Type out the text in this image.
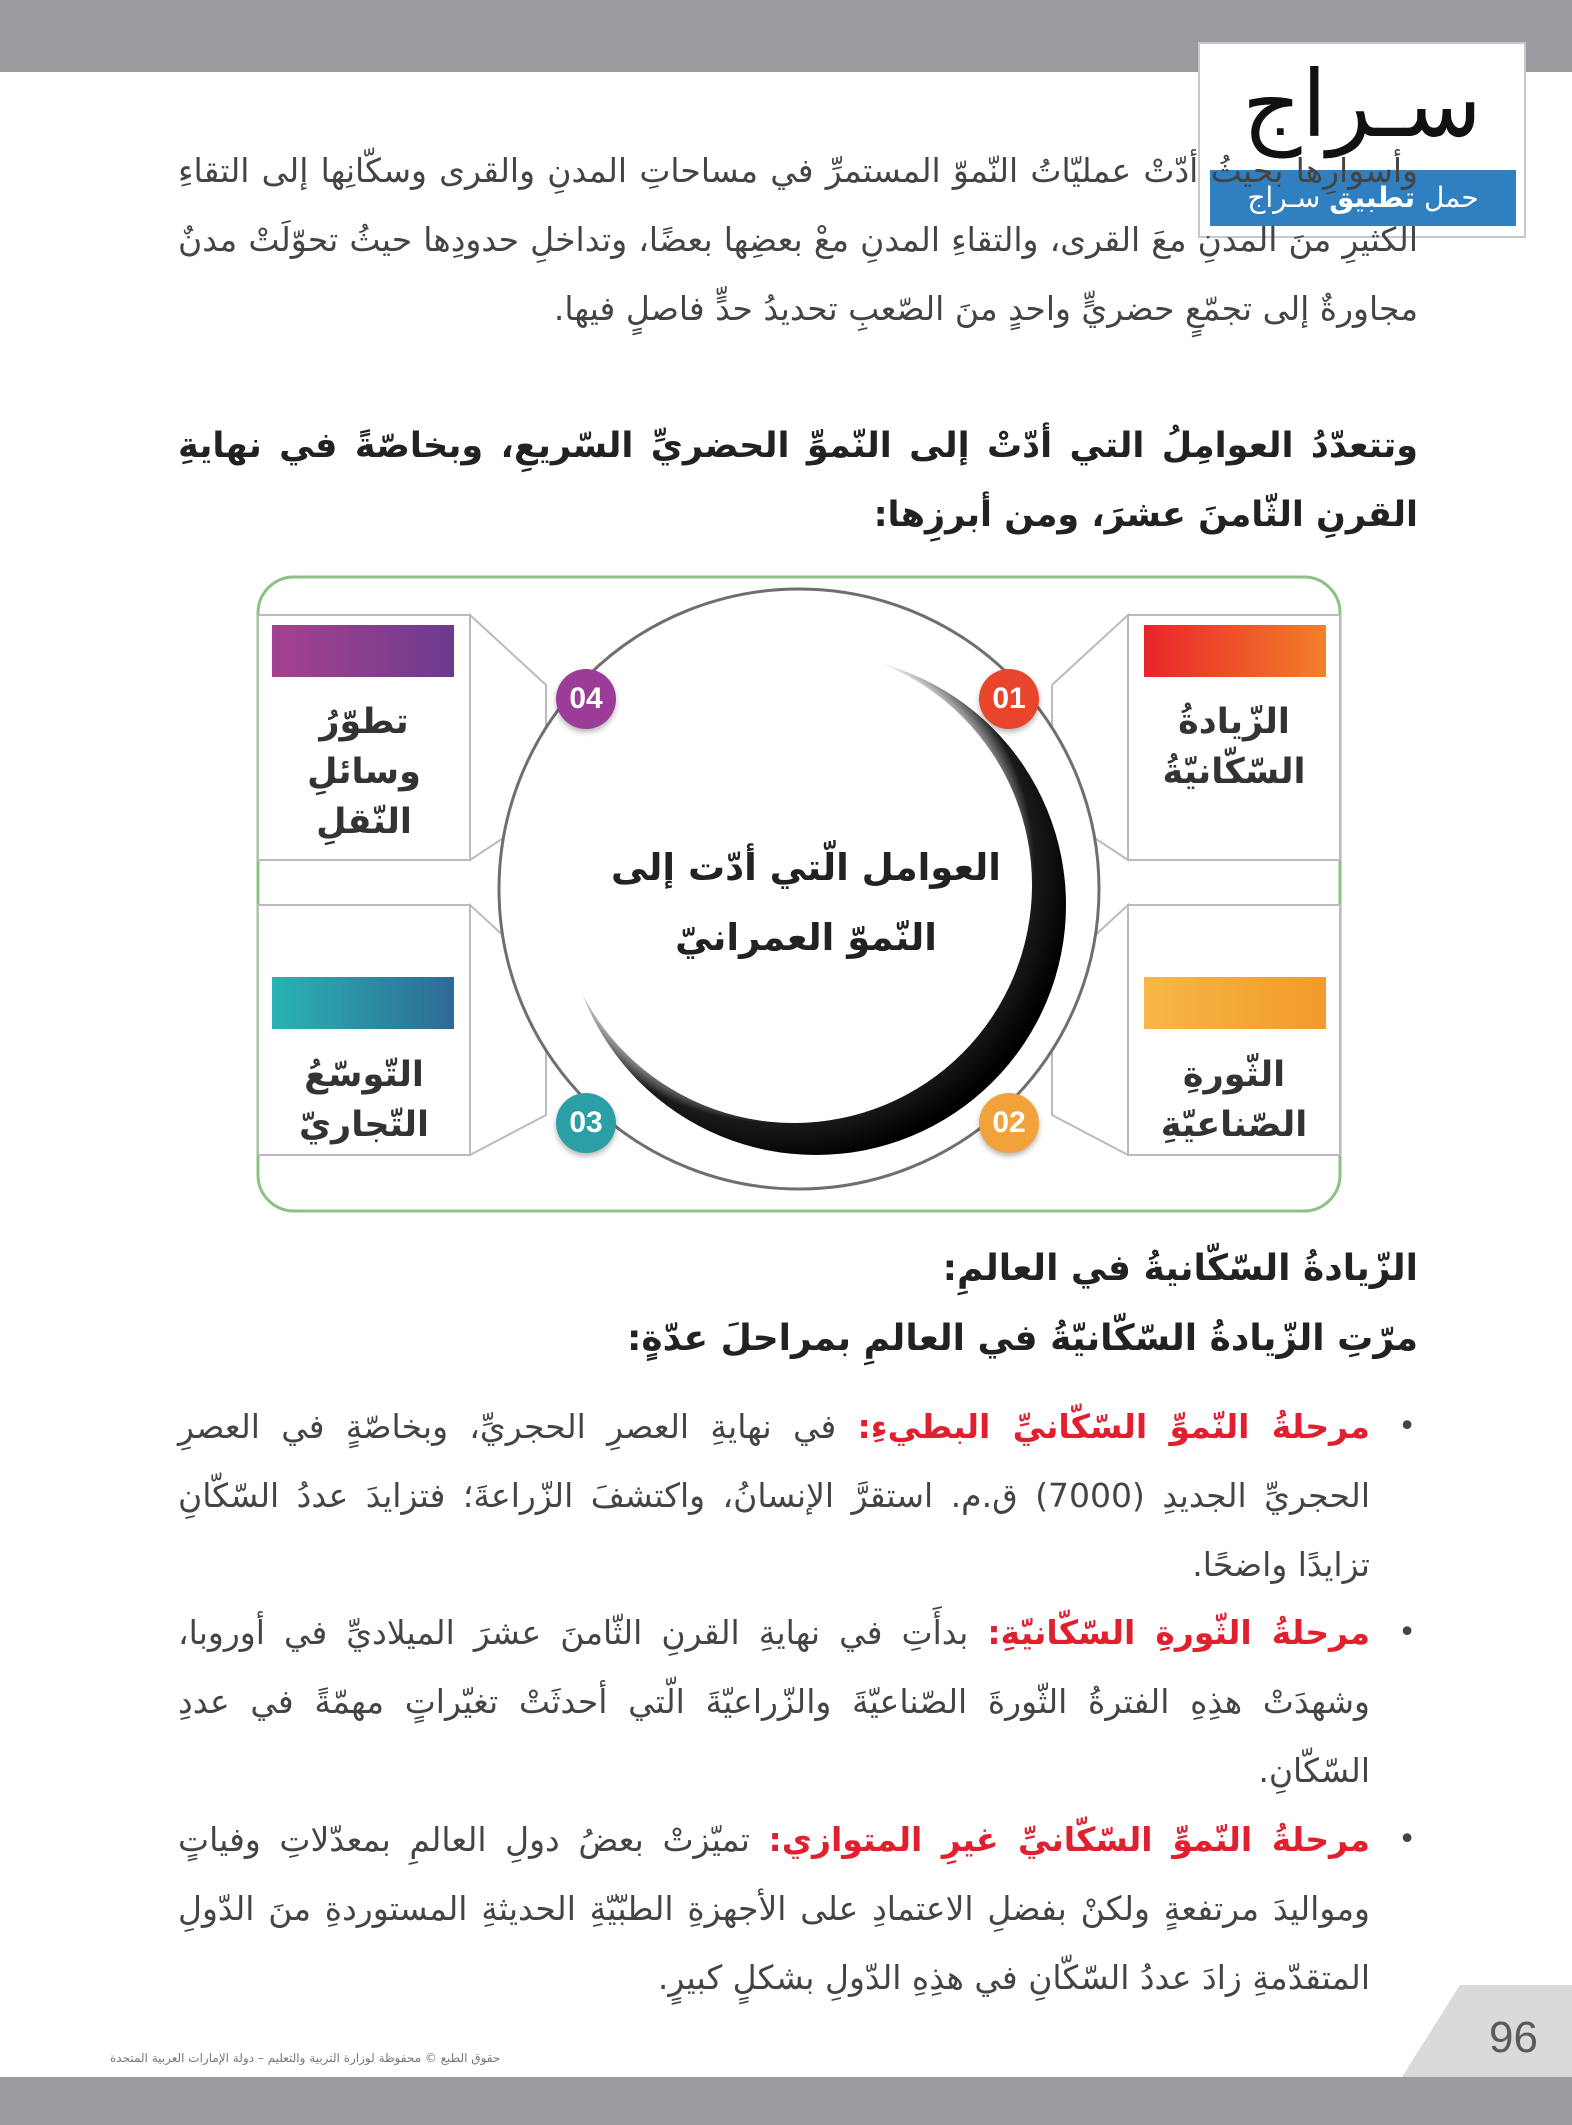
سـراج
حمل تطبيق سـراج
وأسوارِها بحيثُ أدّتْ عمليّاتُ النّموّ المستمرِّ في مساحاتِ المدنِ والقرى وسكّانِها إلى التقاءِ الكثيرِ منَ المدنِ معَ القرى، والتقاءِ المدنِ معْ بعضِها بعضًا، وتداخلِ حدودِها حيثُ تحوّلَتْ مدنٌ مجاورةٌ إلى تجمّعٍ حضريٍّ واحدٍ منَ الصّعبِ تحديدُ حدٍّ فاصلٍ فيها.
وتتعدّدُ العوامِلُ التي أدّتْ إلى النّموِّ الحضريِّ السّريعِ، وبخاصّةً في نهايةِ القرنِ الثّامنَ عشرَ، ومن أبرزِها:
04	01
03	02
تطوّرُ وسائلِ النّقلِ
التّوسّعُ التّجاريّ
الزّيادةُ السّكّانيّةُ
الثّورةِ الصّناعيّةِ
العوامل الّتي أدّت إلى النّموّ العمرانيّ
الزّيادةُ السّكّانيةُ في العالمِ:
مرّتِ الزّيادةُ السّكّانيّةُ في العالمِ بمراحلَ عدّةٍ:
•
مرحلةُ النّموِّ السّكّانيِّ البطيءِ: في نهايةِ العصرِ الحجريِّ، وبخاصّةٍ في العصرِ الحجريِّ الجديدِ (7000) ق.م. استقرَّ الإنسانُ، واكتشفَ الزّراعةَ؛ فتزايدَ عددُ السّكّانِ تزايدًا واضحًا.
•
مرحلةُ الثّورةِ السّكّانيّةِ: بدأَتِ في نهايةِ القرنِ الثّامنَ عشرَ الميلاديِّ في أوروبا، وشهدَتْ هذِهِ الفترةُ الثّورةَ الصّناعيّةَ والزّراعيّةَ الّتي أحدثَتْ تغيّراتٍ مهمّةً في عددِ السّكّانِ.
•
مرحلةُ النّموِّ السّكّانيِّ غيرِ المتوازي: تميّزتْ بعضُ دولِ العالمِ بمعدّلاتِ وفياتٍ ومواليدَ مرتفعةٍ ولكنْ بفضلِ الاعتمادِ على الأجهزةِ الطبّيّةِ الحديثةِ المستوردةِ منَ الدّولِ المتقدّمةِ زادَ عددُ السّكّانِ في هذِهِ الدّولِ بشكلٍ كبيرٍ.
حقوق الطبع © محفوظة لوزارة التربية والتعليم – دولة الإمارات العربية المتحدة	96
